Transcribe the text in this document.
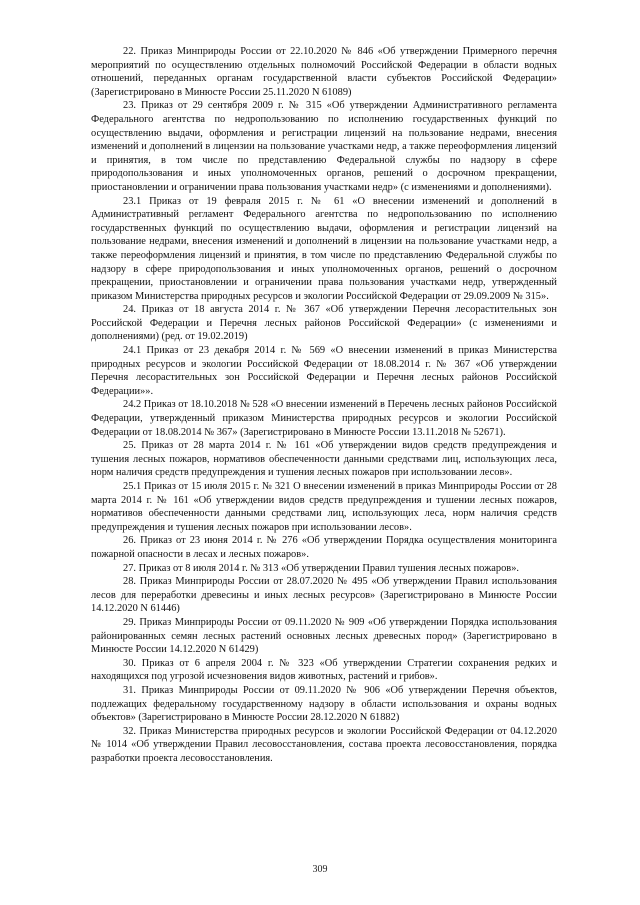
22. Приказ Минприроды России от 22.10.2020 № 846 «Об утверждении Примерного перечня мероприятий по осуществлению отдельных полномочий Российской Федерации в области водных отношений, переданных органам государственной власти субъектов Российской Федерации» (Зарегистрировано в Минюсте России 25.11.2020 N 61089)

23. Приказ от 29 сентября 2009 г. № 315 «Об утверждении Административного регламента Федерального агентства по недропользованию по исполнению государственных функций по осуществлению выдачи, оформления и регистрации лицензий на пользование недрами, внесения изменений и дополнений в лицензии на пользование участками недр, а также переоформления лицензий и принятия, в том числе по представлению Федеральной службы по надзору в сфере природопользования и иных уполномоченных органов, решений о досрочном прекращении, приостановлении и ограничении права пользования участками недр» (с изменениями и дополнениями).

23.1 Приказ от 19 февраля 2015 г. № 61 «О внесении изменений и дополнений в Административный регламент Федерального агентства по недропользованию по исполнению государственных функций по осуществлению выдачи, оформления и регистрации лицензий на пользование недрами, внесения изменений и дополнений в лицензии на пользование участками недр, а также переоформления лицензий и принятия, в том числе по представлению Федеральной службы по надзору в сфере природопользования и иных уполномоченных органов, решений о досрочном прекращении, приостановлении и ограничении права пользования участками недр, утвержденный приказом Министерства природных ресурсов и экологии Российской Федерации от 29.09.2009 № 315».

24. Приказ от 18 августа 2014 г. № 367 «Об утверждении Перечня лесорастительных зон Российской Федерации и Перечня лесных районов Российской Федерации» (с изменениями и дополнениями) (ред. от 19.02.2019)

24.1 Приказ от 23 декабря 2014 г. № 569 «О внесении изменений в приказ Министерства природных ресурсов и экологии Российской Федерации от 18.08.2014 г. № 367 «Об утверждении Перечня лесорастительных зон Российской Федерации и Перечня лесных районов Российской Федерации»».

24.2 Приказ от 18.10.2018 № 528 «О внесении изменений в Перечень лесных районов Российской Федерации, утвержденный приказом Министерства природных ресурсов и экологии Российской Федерации от 18.08.2014 № 367» (Зарегистрировано в Минюсте России 13.11.2018 № 52671).

25. Приказ от 28 марта 2014 г. № 161 «Об утверждении видов средств предупреждения и тушения лесных пожаров, нормативов обеспеченности данными средствами лиц, использующих леса, норм наличия средств предупреждения и тушения лесных пожаров при использовании лесов».

25.1 Приказ от 15 июля 2015 г. № 321 О внесении изменений в приказ Минприроды России от 28 марта 2014 г. № 161 «Об утверждении видов средств предупреждения и тушении лесных пожаров, нормативов обеспеченности данными средствами лиц, использующих леса, норм наличия средств предупреждения и тушения лесных пожаров при использовании лесов».

26. Приказ от 23 июня 2014 г. № 276 «Об утверждении Порядка осуществления мониторинга пожарной опасности в лесах и лесных пожаров».

27. Приказ от 8 июля 2014 г. № 313 «Об утверждении Правил тушения лесных пожаров».

28. Приказ Минприроды России от 28.07.2020 № 495 «Об утверждении Правил использования лесов для переработки древесины и иных лесных ресурсов» (Зарегистрировано в Минюсте России 14.12.2020 N 61446)

29. Приказ Минприроды России от 09.11.2020 № 909 «Об утверждении Порядка использования районированных семян лесных растений основных лесных древесных пород» (Зарегистрировано в Минюсте России 14.12.2020 N 61429)

30. Приказ от 6 апреля 2004 г. № 323 «Об утверждении Стратегии сохранения редких и находящихся под угрозой исчезновения видов животных, растений и грибов».

31. Приказ Минприроды России от 09.11.2020 № 906 «Об утверждении Перечня объектов, подлежащих федеральному государственному надзору в области использования и охраны водных объектов» (Зарегистрировано в Минюсте России 28.12.2020 N 61882)

32. Приказ Министерства природных ресурсов и экологии Российской Федерации от 04.12.2020 № 1014 «Об утверждении Правил лесовосстановления, состава проекта лесовосстановления, порядка разработки проекта лесовосстановления.

309
